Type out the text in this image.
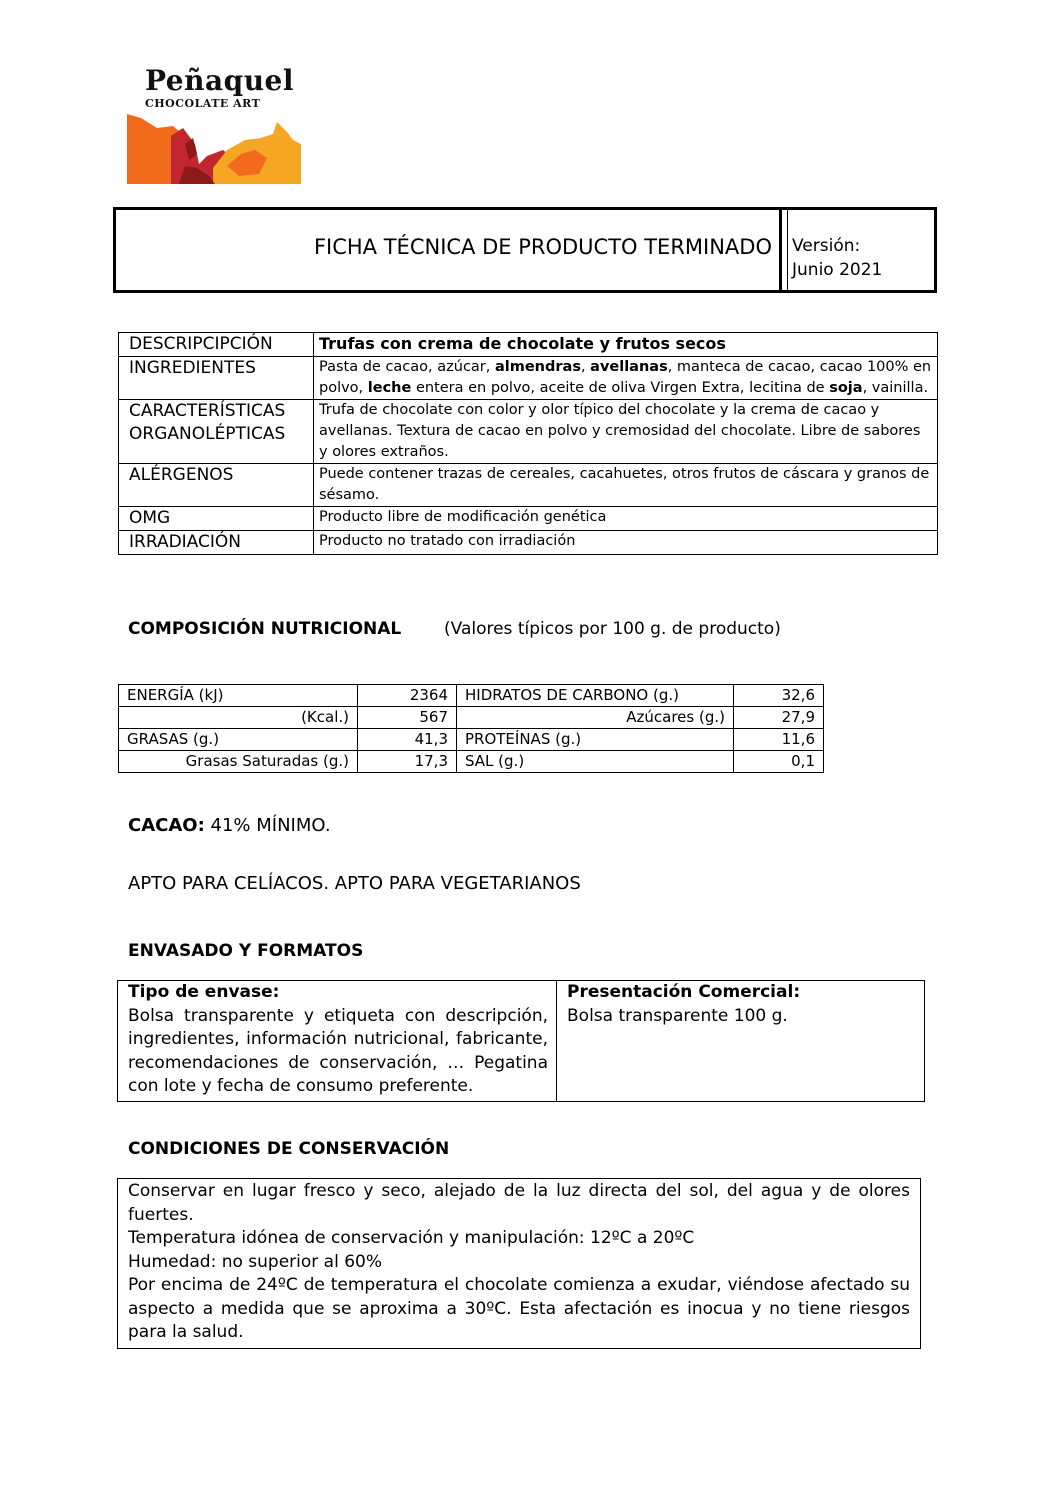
Peñaquel
CHOCOLATE ART
FICHA TÉCNICA DE PRODUCTO TERMINADO Versión:
Junio 2021
DESCRIPCIPCIÓN	Trufas con crema de chocolate y frutos secos
INGREDIENTES	Pasta de cacao, azúcar, almendras, avellanas, manteca de cacao, cacao 100% en polvo, leche entera en polvo, aceite de oliva Virgen Extra, lecitina de soja, vainilla.
CARACTERÍSTICAS
ORGANOLÉPTICAS	Trufa de chocolate con color y olor típico del chocolate y la crema de cacao y avellanas. Textura de cacao en polvo y cremosidad del chocolate. Libre de sabores y olores extraños.
ALÉRGENOS	Puede contener trazas de cereales, cacahuetes, otros frutos de cáscara y granos de sésamo.
OMG	Producto libre de modificación genética
IRRADIACIÓN	Producto no tratado con irradiación
COMPOSICIÓN NUTRICIONAL	(Valores típicos por 100 g. de producto)
ENERGÍA (kJ)	2364	HIDRATOS DE CARBONO (g.)	32,6
(Kcal.)	567	Azúcares (g.)	27,9
GRASAS (g.)	41,3	PROTEÍNAS (g.)	11,6
Grasas Saturadas (g.)	17,3	SAL (g.)	0,1
CACAO: 41% MÍNIMO.
APTO PARA CELÍACOS. APTO PARA VEGETARIANOS
ENVASADO Y FORMATOS
Tipo de envase:
Bolsa transparente y etiqueta con descripción, ingredientes, información nutricional, fabricante, recomendaciones de conservación, … Pegatina con lote y fecha de consumo preferente.

Presentación Comercial:
Bolsa transparente 100 g.
CONDICIONES DE CONSERVACIÓN

Conservar en lugar fresco y seco, alejado de la luz directa del sol, del agua y de olores fuertes.

Temperatura idónea de conservación y manipulación: 12ºC a 20ºC

Humedad: no superior al 60%

Por encima de 24ºC de temperatura el chocolate comienza a exudar, viéndose afectado su aspecto a medida que se aproxima a 30ºC. Esta afectación es inocua y no tiene riesgos para la salud.
